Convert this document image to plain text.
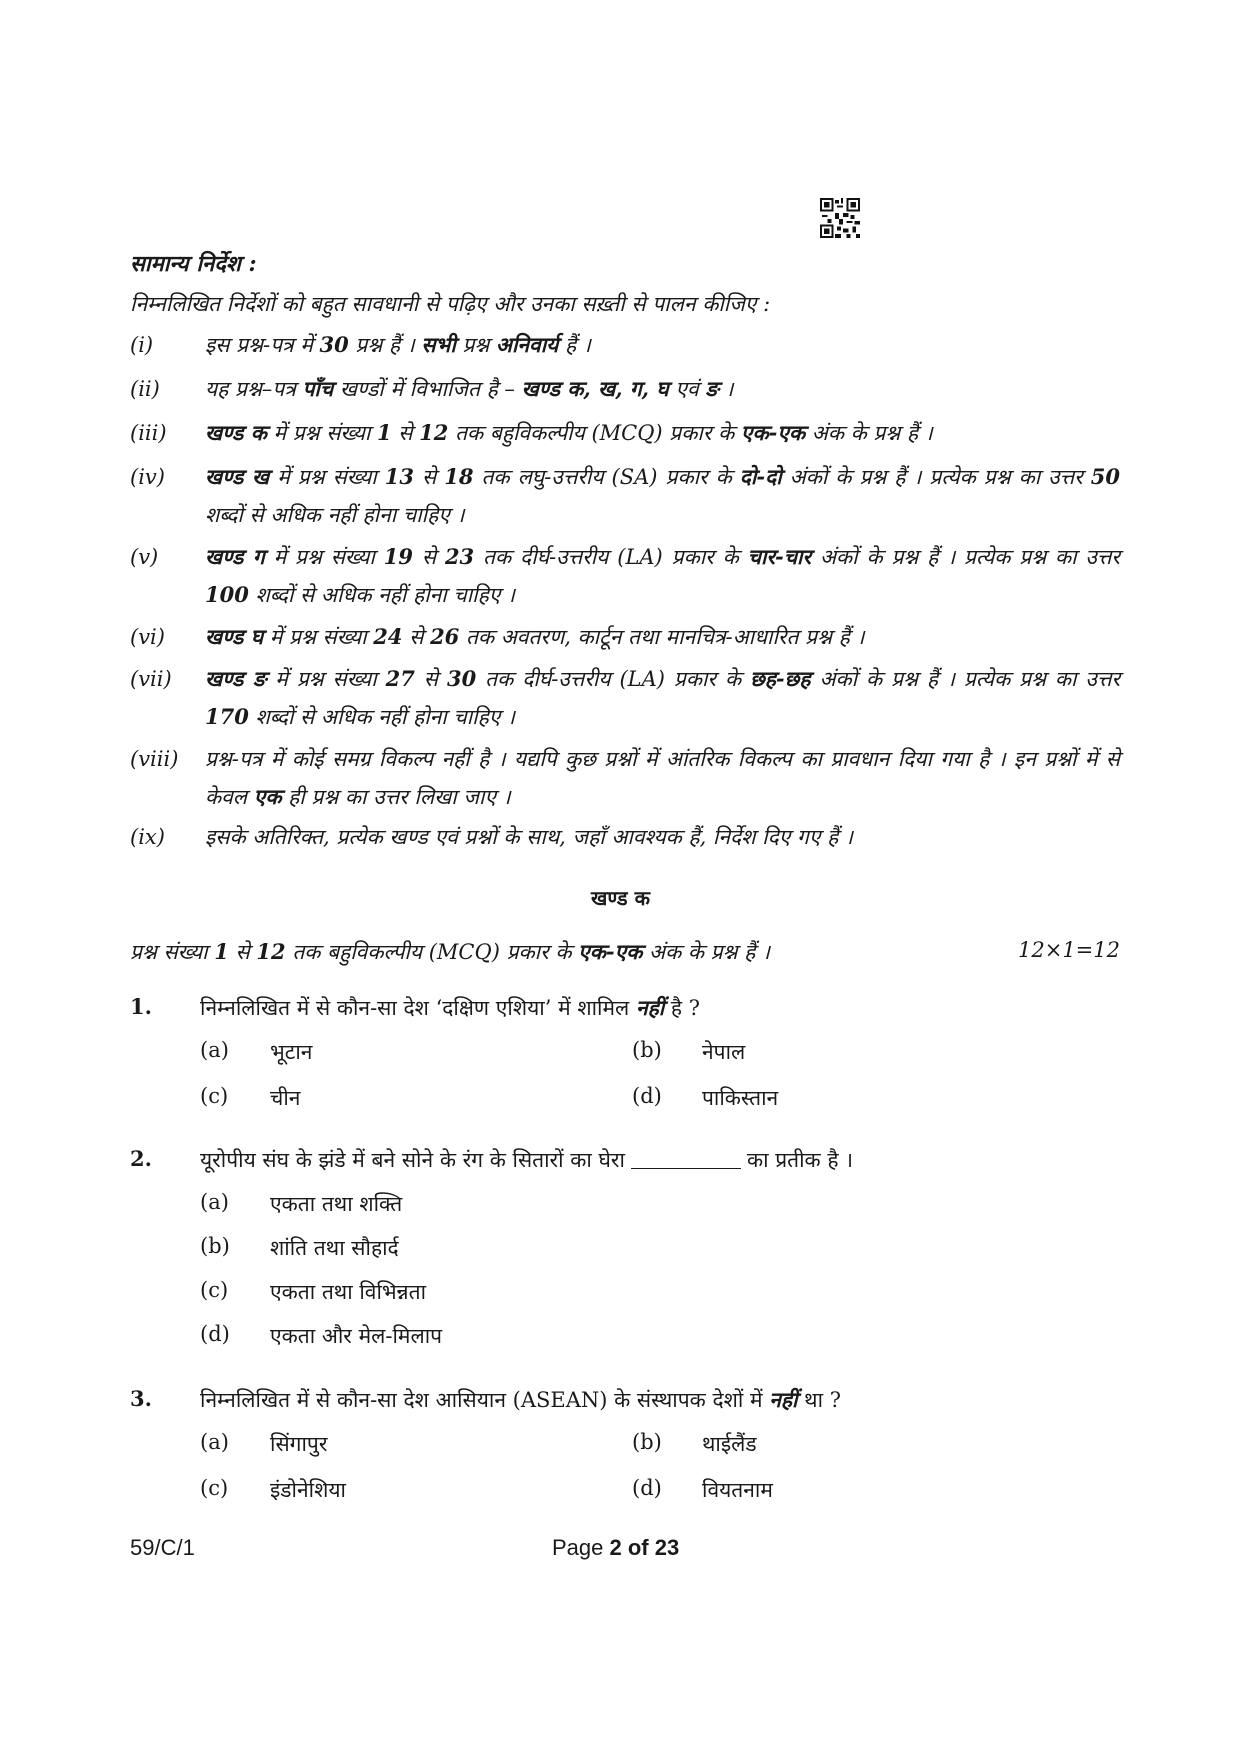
सामान्य निर्देश :
निम्नलिखित निर्देशों को बहुत सावधानी से पढ़िए और उनका सख़्ती से पालन कीजिए :
(i)	इस प्रश्न-पत्र में 30 प्रश्न हैं । सभी प्रश्न अनिवार्य हैं ।
(ii)	यह प्रश्न–पत्र पाँच खण्डों में विभाजित है – खण्ड क, ख, ग, घ एवं ङ ।
(iii)	खण्ड क में प्रश्न संख्या 1 से 12 तक बहुविकल्पीय (MCQ) प्रकार के एक-एक अंक के प्रश्न हैं ।
(iv)	खण्ड ख में प्रश्न संख्या 13 से 18 तक लघु-उत्तरीय (SA) प्रकार के दो-दो अंकों के प्रश्न हैं । प्रत्येक प्रश्न का उत्तर 50 शब्दों से अधिक नहीं होना चाहिए ।
(v)	खण्ड ग में प्रश्न संख्या 19 से 23 तक दीर्घ-उत्तरीय (LA) प्रकार के चार-चार अंकों के प्रश्न हैं । प्रत्येक प्रश्न का उत्तर 100 शब्दों से अधिक नहीं होना चाहिए ।
(vi)	खण्ड घ में प्रश्न संख्या 24 से 26 तक अवतरण, कार्टून तथा मानचित्र-आधारित प्रश्न हैं ।
(vii)	खण्ड ङ में प्रश्न संख्या 27 से 30 तक दीर्घ-उत्तरीय (LA) प्रकार के छह-छह अंकों के प्रश्न हैं । प्रत्येक प्रश्न का उत्तर 170 शब्दों से अधिक नहीं होना चाहिए ।
(viii)	प्रश्न-पत्र में कोई समग्र विकल्प नहीं है । यद्यपि कुछ प्रश्नों में आंतरिक विकल्प का प्रावधान दिया गया है । इन प्रश्नों में से केवल एक ही प्रश्न का उत्तर लिखा जाए ।
(ix)	इसके अतिरिक्त, प्रत्येक खण्ड एवं प्रश्नों के साथ, जहाँ आवश्यक हैं, निर्देश दिए गए हैं ।
खण्ड क
प्रश्न संख्या 1 से 12 तक बहुविकल्पीय (MCQ) प्रकार के एक-एक अंक के प्रश्न हैं ।	12×1=12
1. निम्नलिखित में से कौन-सा देश ‘दक्षिण एशिया’ में शामिल नहीं है ?
(a) भूटान	(b) नेपाल
(c) चीन	(d) पाकिस्तान
2. यूरोपीय संघ के झंडे में बने सोने के रंग के सितारों का घेरा	का प्रतीक है ।
(a) एकता तथा शक्ति
(b) शांति तथा सौहार्द
(c) एकता तथा विभिन्नता
(d) एकता और मेल-मिलाप
3. निम्नलिखित में से कौन-सा देश आसियान (ASEAN) के संस्थापक देशों में नहीं था ?
(a) सिंगापुर	(b) थाईलैंड
(c) इंडोनेशिया	(d) वियतनाम
59/C/1	Page 2 of 23
